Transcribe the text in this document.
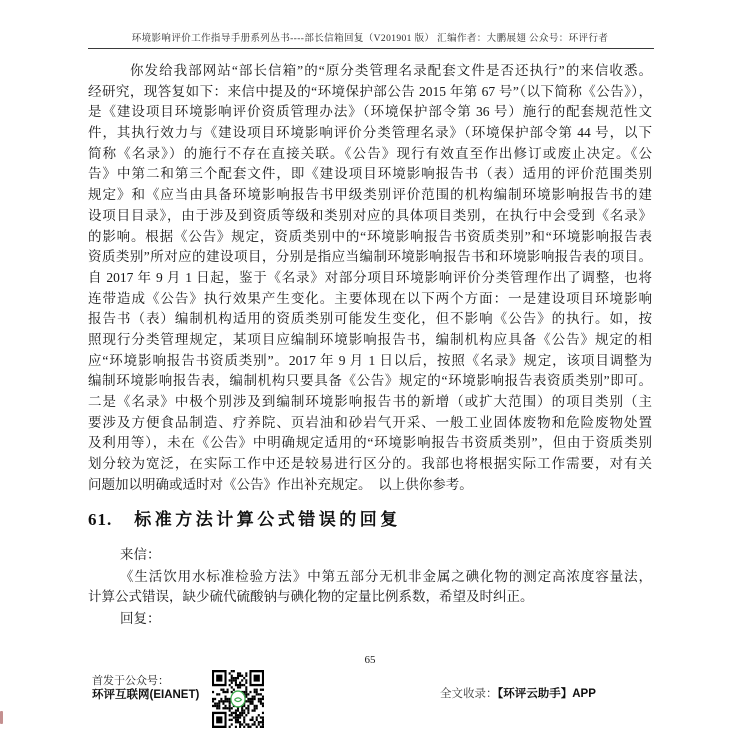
环境影响评价工作指导手册系列丛书----部长信箱回复（V201901 版） 汇编作者：大鹏展翅 公众号：环评行者
你发给我部网站“部长信箱”的“原分类管理名录配套文件是否还执行”的来信收悉。
经研究，现答复如下：来信中提及的“环境保护部公告 2015 年第 67 号”（以下简称《公告》），
是《建设项目环境影响评价资质管理办法》（环境保护部令第 36 号）施行的配套规范性文
件，其执行效力与《建设项目环境影响评价分类管理名录》（环境保护部令第 44 号，以下
简称《名录》）的施行不存在直接关联。《公告》现行有效直至作出修订或废止决定。《公
告》中第二和第三个配套文件，即《建设项目环境影响报告书（表）适用的评价范围类别
规定》和《应当由具备环境影响报告书甲级类别评价范围的机构编制环境影响报告书的建
设项目目录》，由于涉及到资质等级和类别对应的具体项目类别，在执行中会受到《名录》
的影响。根据《公告》规定，资质类别中的“环境影响报告书资质类别”和“环境影响报告表
资质类别”所对应的建设项目，分别是指应当编制环境影响报告书和环境影响报告表的项目。
自 2017 年 9 月 1 日起，鉴于《名录》对部分项目环境影响评价分类管理作出了调整，也将
连带造成《公告》执行效果产生变化。主要体现在以下两个方面：一是建设项目环境影响
报告书（表）编制机构适用的资质类别可能发生变化，但不影响《公告》的执行。如，按
照现行分类管理规定，某项目应编制环境影响报告书，编制机构应具备《公告》规定的相
应“环境影响报告书资质类别”。2017 年 9 月 1 日以后，按照《名录》规定，该项目调整为
编制环境影响报告表，编制机构只要具备《公告》规定的“环境影响报告表资质类别”即可。
二是《名录》中极个别涉及到编制环境影响报告书的新增（或扩大范围）的项目类别（主
要涉及方便食品制造、疗养院、页岩油和砂岩气开采、一般工业固体废物和危险废物处置
及利用等），未在《公告》中明确规定适用的“环境影响报告书资质类别”，但由于资质类别
划分较为宽泛，在实际工作中还是较易进行区分的。我部也将根据实际工作需要，对有关
问题加以明确或适时对《公告》作出补充规定。  以上供你参考。
61. 标准方法计算公式错误的回复
来信：
《生活饮用水标准检验方法》中第五部分无机非金属之碘化物的测定高浓度容量法，
计算公式错误，缺少硫代硫酸钠与碘化物的定量比例系数，希望及时纠正。
回复：
65
首发于公众号：
环评互联网(EIANET)	全文收录：【环评云助手】APP
